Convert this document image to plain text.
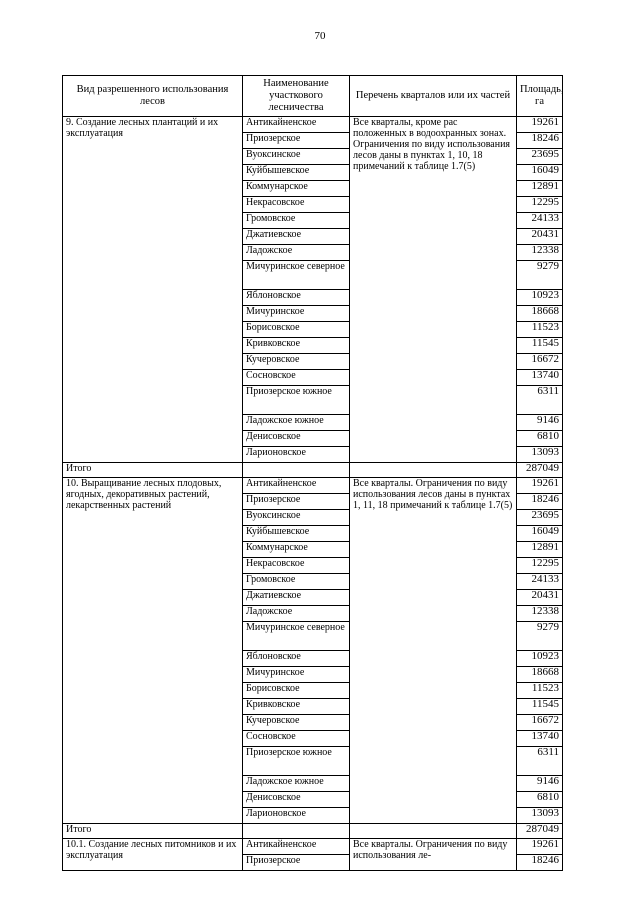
70
Вид разрешенного использования лесов	Наименование участкового лесничества	Перечень кварталов или их частей	Площадь, га
9. Создание лесных плантаций и их эксплуатация	Антикайненское	Все кварталы, кроме рас положенных в водоохранных зонах. Ограничения по виду использования лесов даны в пунктах 1, 10, 18 примечаний к таблице 1.7(5)	19261
	Приозерское		18246
	Вуоксинское		23695
	Куйбышевское		16049
	Коммунарское		12891
	Некрасовское		12295
	Громовское		24133
	Джатиевское		20431
	Ладожское		12338
	Мичуринское северное		9279
	Яблоновское		10923
	Мичуринское		18668
	Борисовское		11523
	Кривковское		11545
	Кучеровское		16672
	Сосновское		13740
	Приозерское южное		6311
	Ладожское южное		9146
	Денисовское		6810
	Ларионовское		13093
Итого			287049
10. Выращивание лесных плодовых, ягодных, декоративных растений, лекарственных растений	Антикайненское	Все кварталы. Ограничения по виду использования лесов даны в пунктах 1, 11, 18 примечаний к таблице 1.7(5)	19261
	Приозерское		18246
	Вуоксинское		23695
	Куйбышевское		16049
	Коммунарское		12891
	Некрасовское		12295
	Громовское		24133
	Джатиевское		20431
	Ладожское		12338
	Мичуринское северное		9279
	Яблоновское		10923
	Мичуринское		18668
	Борисовское		11523
	Кривковское		11545
	Кучеровское		16672
	Сосновское		13740
	Приозерское южное		6311
	Ладожское южное		9146
	Денисовское		6810
	Ларионовское		13093
Итого			287049
10.1. Создание лесных питомников и их эксплуатация	Антикайненское	Все кварталы. Ограничения по виду использования ле-	19261
	Приозерское		18246
